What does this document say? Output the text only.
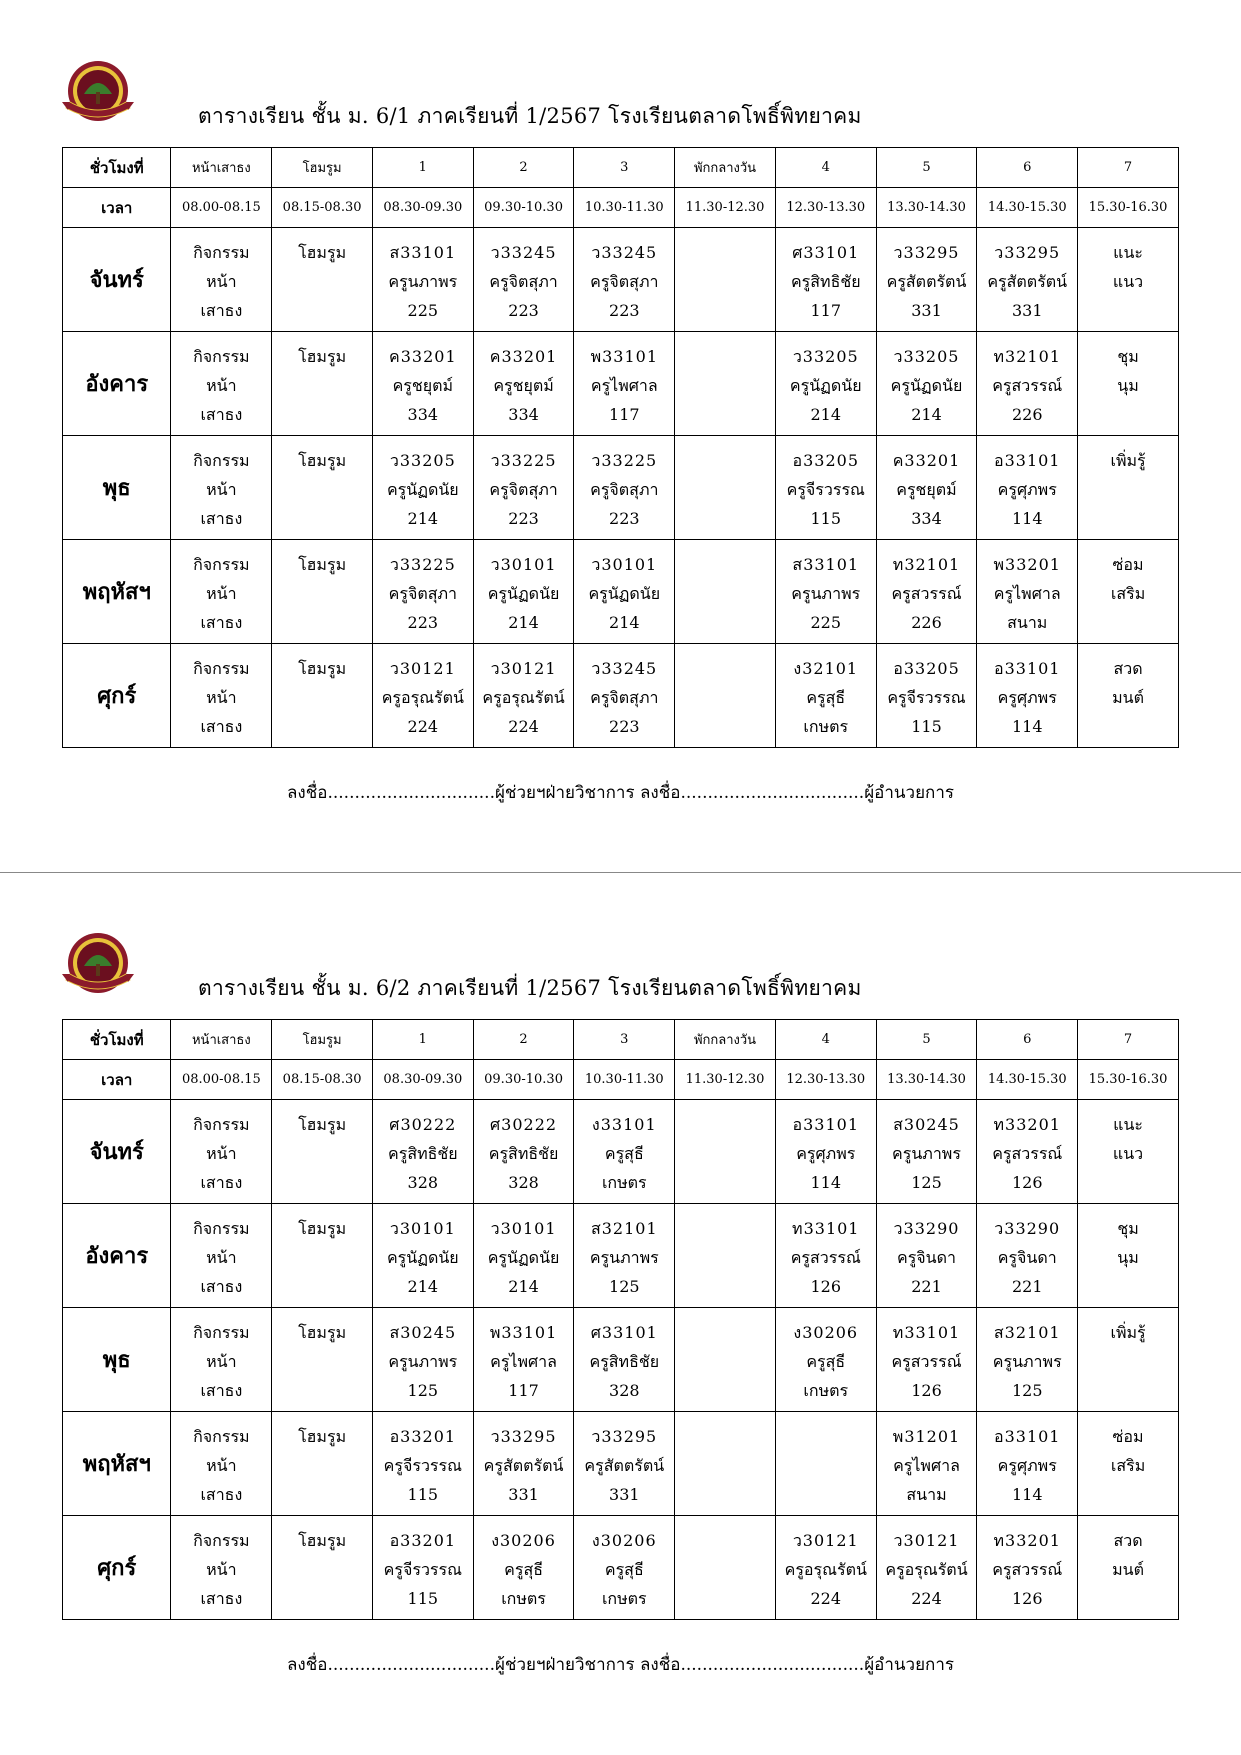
ตารางเรียน ชั้น ม. 6/1 ภาคเรียนที่ 1/2567 โรงเรียนตลาดโพธิ์พิทยาคม
ชั่วโมงที่	หน้าเสาธง	โฮมรูม	1	2	3	พักกลางวัน	4	5	6	7
เวลา	08.00-08.15	08.15-08.30	08.30-09.30	09.30-10.30	10.30-11.30	11.30-12.30	12.30-13.30	13.30-14.30	14.30-15.30	15.30-16.30
จันทร์	กิจกรรม
หน้า
เสาธง	โฮมรูม	ส33101
ครูนภาพร
225	ว33245
ครูจิตสุภา
223	ว33245
ครูจิตสุภา
223		ศ33101
ครูสิทธิชัย
117	ว33295
ครูสัตตรัตน์
331	ว33295
ครูสัตตรัตน์
331	แนะ
แนว

อังคาร	กิจกรรม
หน้า
เสาธง	โฮมรูม	ค33201
ครูชยุตม์
334	ค33201
ครูชยุตม์
334	พ33101
ครูไพศาล
117		ว33205
ครูนัฏดนัย
214	ว33205
ครูนัฏดนัย
214	ท32101
ครูสวรรณ์
226	ชุม
นุม

พุธ	กิจกรรม
หน้า
เสาธง	โฮมรูม	ว33205
ครูนัฏดนัย
214	ว33225
ครูจิตสุภา
223	ว33225
ครูจิตสุภา
223		อ33205
ครูจีรวรรณ
115	ค33201
ครูชยุตม์
334	อ33101
ครูศุภพร
114	เพิ่มรู้

พฤหัสฯ	กิจกรรม
หน้า
เสาธง	โฮมรูม	ว33225
ครูจิตสุภา
223	ว30101
ครูนัฏดนัย
214	ว30101
ครูนัฏดนัย
214		ส33101
ครูนภาพร
225	ท32101
ครูสวรรณ์
226	พ33201
ครูไพศาล
สนาม	ซ่อม
เสริม

ศุกร์	กิจกรรม
หน้า
เสาธง	โฮมรูม	ว30121
ครูอรุณรัตน์
224	ว30121
ครูอรุณรัตน์
224	ว33245
ครูจิตสุภา
223		ง32101
ครูสุธี
เกษตร	อ33205
ครูจีรวรรณ
115	อ33101
ครูศุภพร
114	สวด
มนต์
ลงชื่อ...............................ผู้ช่วยฯฝ่ายวิชาการ ลงชื่อ..................................ผู้อำนวยการ
ตารางเรียน ชั้น ม. 6/2 ภาคเรียนที่ 1/2567 โรงเรียนตลาดโพธิ์พิทยาคม
ชั่วโมงที่	หน้าเสาธง	โฮมรูม	1	2	3	พักกลางวัน	4	5	6	7
เวลา	08.00-08.15	08.15-08.30	08.30-09.30	09.30-10.30	10.30-11.30	11.30-12.30	12.30-13.30	13.30-14.30	14.30-15.30	15.30-16.30
จันทร์	กิจกรรม
หน้า
เสาธง	โฮมรูม	ศ30222
ครูสิทธิชัย
328	ศ30222
ครูสิทธิชัย
328	ง33101
ครูสุธี
เกษตร		อ33101
ครูศุภพร
114	ส30245
ครูนภาพร
125	ท33201
ครูสวรรณ์
126	แนะ
แนว

อังคาร	กิจกรรม
หน้า
เสาธง	โฮมรูม	ว30101
ครูนัฏดนัย
214	ว30101
ครูนัฏดนัย
214	ส32101
ครูนภาพร
125		ท33101
ครูสวรรณ์
126	ว33290
ครูจินดา
221	ว33290
ครูจินดา
221	ชุม
นุม

พุธ	กิจกรรม
หน้า
เสาธง	โฮมรูม	ส30245
ครูนภาพร
125	พ33101
ครูไพศาล
117	ศ33101
ครูสิทธิชัย
328		ง30206
ครูสุธี
เกษตร	ท33101
ครูสวรรณ์
126	ส32101
ครูนภาพร
125	เพิ่มรู้

พฤหัสฯ	กิจกรรม
หน้า
เสาธง	โฮมรูม	อ33201
ครูจีรวรรณ
115	ว33295
ครูสัตตรัตน์
331	ว33295
ครูสัตตรัตน์
331			พ31201
ครูไพศาล
สนาม	อ33101
ครูศุภพร
114	ซ่อม
เสริม

ศุกร์	กิจกรรม
หน้า
เสาธง	โฮมรูม	อ33201
ครูจีรวรรณ
115	ง30206
ครูสุธี
เกษตร	ง30206
ครูสุธี
เกษตร		ว30121
ครูอรุณรัตน์
224	ว30121
ครูอรุณรัตน์
224	ท33201
ครูสวรรณ์
126	สวด
มนต์
ลงชื่อ...............................ผู้ช่วยฯฝ่ายวิชาการ ลงชื่อ..................................ผู้อำนวยการ
